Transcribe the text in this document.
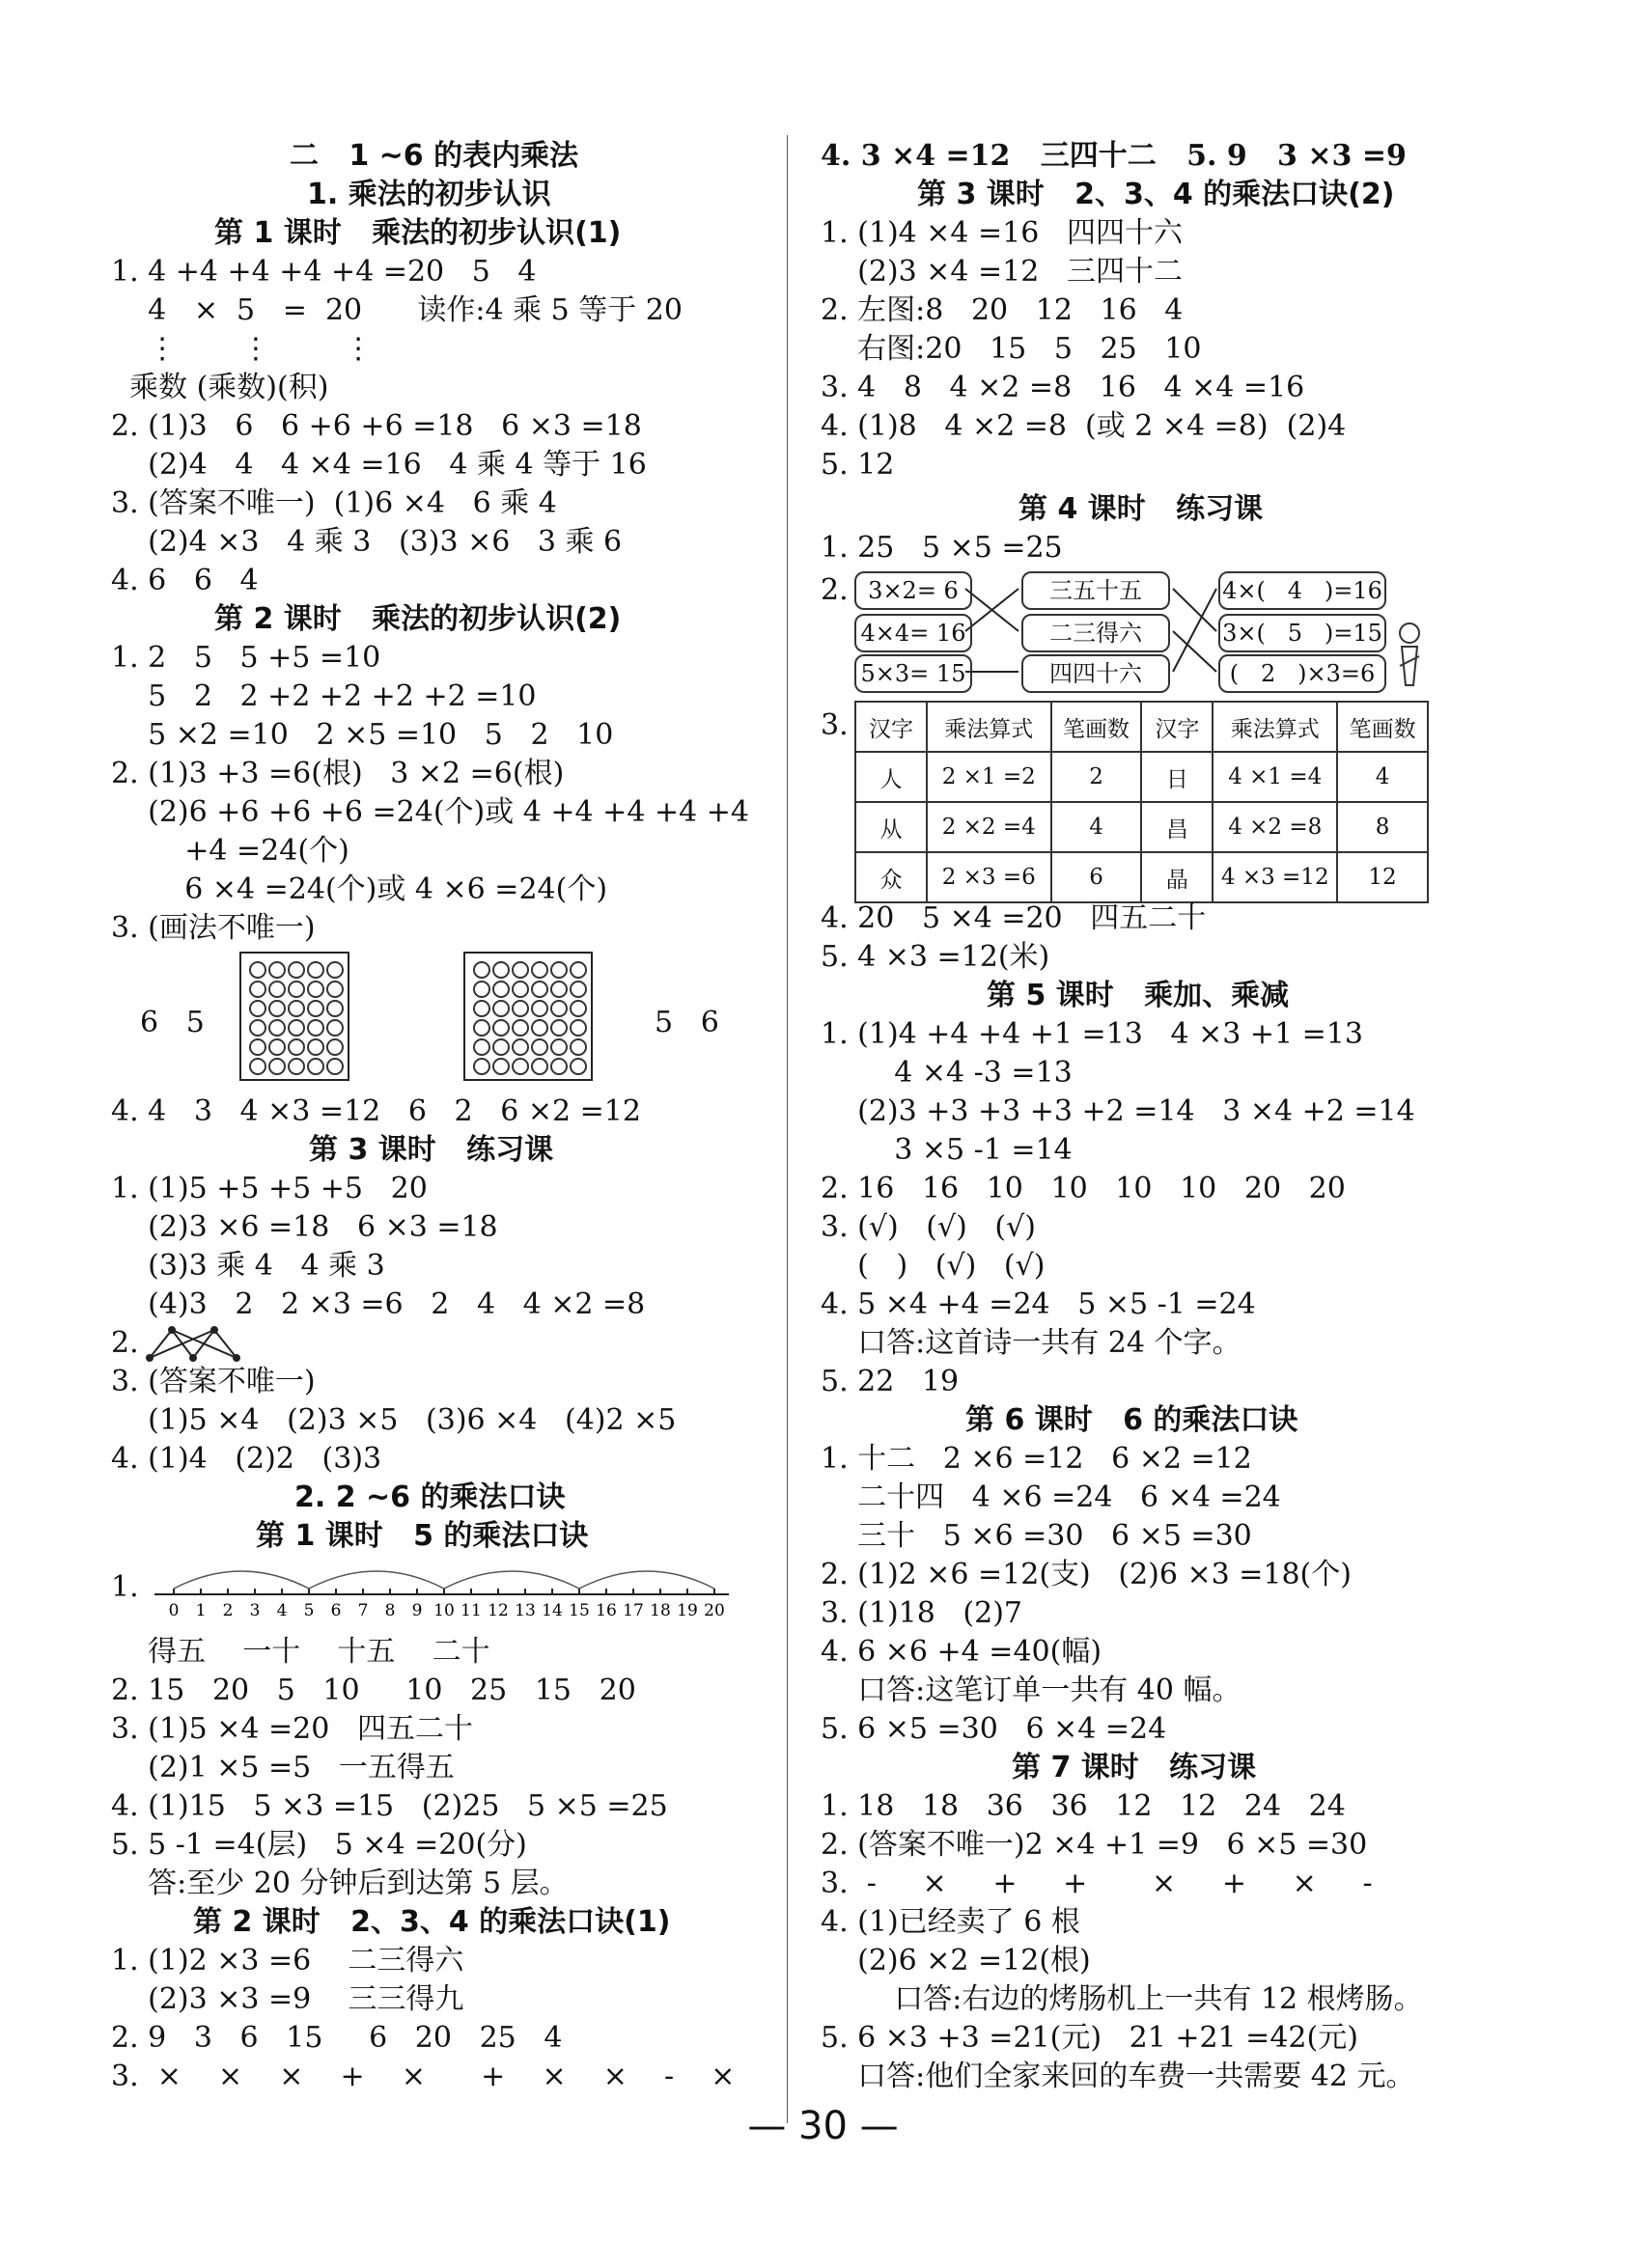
二   1 ~6 的表内乘法
1. 乘法的初步认识
第 1 课时   乘法的初步认识(1)
1. 4 +4 +4 +4 +4 =20   5   4
4   ×  5   =  20      读作:4 乘 5 等于 20
⋮       ⋮        ⋮
乘数 (乘数)(积)
2. (1)3   6   6 +6 +6 =18   6 ×3 =18
(2)4   4   4 ×4 =16   4 乘 4 等于 16
3. (答案不唯一)  (1)6 ×4   6 乘 4
(2)4 ×3   4 乘 3   (3)3 ×6   3 乘 6
4. 6   6   4
第 2 课时   乘法的初步认识(2)
1. 2   5   5 +5 =10
5   2   2 +2 +2 +2 +2 =10
5 ×2 =10   2 ×5 =10   5   2   10
2. (1)3 +3 =6(根)   3 ×2 =6(根)
(2)6 +6 +6 +6 =24(个)或 4 +4 +4 +4 +4
+4 =24(个)
6 ×4 =24(个)或 4 ×6 =24(个)
3. (画法不唯一)
6   5	5   6
4. 4   3   4 ×3 =12   6   2   6 ×2 =12
第 3 课时   练习课
1. (1)5 +5 +5 +5   20
(2)3 ×6 =18   6 ×3 =18
(3)3 乘 4   4 乘 3
(4)3   2   2 ×3 =6   2   4   4 ×2 =8
2.
3. (答案不唯一)
(1)5 ×4   (2)3 ×5   (3)6 ×4   (4)2 ×5
4. (1)4   (2)2   (3)3
2. 2 ~6 的乘法口诀
第 1 课时   5 的乘法口诀
1.
0 1 2 3 4 5 6 7 8 9 10 11 12 13 14 15 16 17 18 19 20
得五    一十    十五    二十
2. 15   20   5   10     10   25   15   20
3. (1)5 ×4 =20   四五二十
(2)1 ×5 =5   一五得五
4. (1)15   5 ×3 =15   (2)25   5 ×5 =25
5. 5 -1 =4(层)   5 ×4 =20(分)
答:至少 20 分钟后到达第 5 层。
第 2 课时   2、3、4 的乘法口诀(1)
1. (1)2 ×3 =6    二三得六
(2)3 ×3 =9    三三得九
2. 9   3   6   15     6   20   25   4
3.  ×    ×    ×    +    ×      +    ×    ×    -    ×
4. 3 ×4 =12   三四十二   5. 9   3 ×3 =9
第 3 课时   2、3、4 的乘法口诀(2)
1. (1)4 ×4 =16   四四十六
(2)3 ×4 =12   三四十二
2. 左图:8   20   12   16   4
右图:20   15   5   25   10
3. 4   8   4 ×2 =8   16   4 ×4 =16
4. (1)8   4 ×2 =8  (或 2 ×4 =8)  (2)4
5. 12
第 4 课时   练习课
1. 25   5 ×5 =25
2. 3×2= 6
4×4= 16
5×3= 15
三五十五
二三得六
四四十六
4×(   4   )=16
3×(   5   )=15
(   2   )×3=6
3. 汉字	乘法算式	笔画数	汉字	乘法算式	笔画数
人	2 ×1 =2	2	日	4 ×1 =4	4
从	2 ×2 =4	4	昌	4 ×2 =8	8
众	2 ×3 =6	6	晶	4 ×3 =12	12
4. 20   5 ×4 =20   四五二十
5. 4 ×3 =12(米)
第 5 课时   乘加、乘减
1. (1)4 +4 +4 +1 =13   4 ×3 +1 =13
4 ×4 -3 =13
(2)3 +3 +3 +3 +2 =14   3 ×4 +2 =14
3 ×5 -1 =14
2. 16   16   10   10   10   10   20   20
3. (√)   (√)   (√)
(   )   (√)   (√)
4. 5 ×4 +4 =24   5 ×5 -1 =24
口答:这首诗一共有 24 个字。
5. 22   19
第 6 课时   6 的乘法口诀
1. 十二   2 ×6 =12   6 ×2 =12
二十四   4 ×6 =24   6 ×4 =24
三十   5 ×6 =30   6 ×5 =30
2. (1)2 ×6 =12(支)   (2)6 ×3 =18(个)
3. (1)18   (2)7
4. 6 ×6 +4 =40(幅)
口答:这笔订单一共有 40 幅。
5. 6 ×5 =30   6 ×4 =24
第 7 课时   练习课
1. 18   18   36   36   12   12   24   24
2. (答案不唯一)2 ×4 +1 =9   6 ×5 =30
3.  -     ×     +     +       ×     +     ×     -
4. (1)已经卖了 6 根
(2)6 ×2 =12(根)
口答:右边的烤肠机上一共有 12 根烤肠。
5. 6 ×3 +3 =21(元)   21 +21 =42(元)
口答:他们全家来回的车费一共需要 42 元。
— 30 —
